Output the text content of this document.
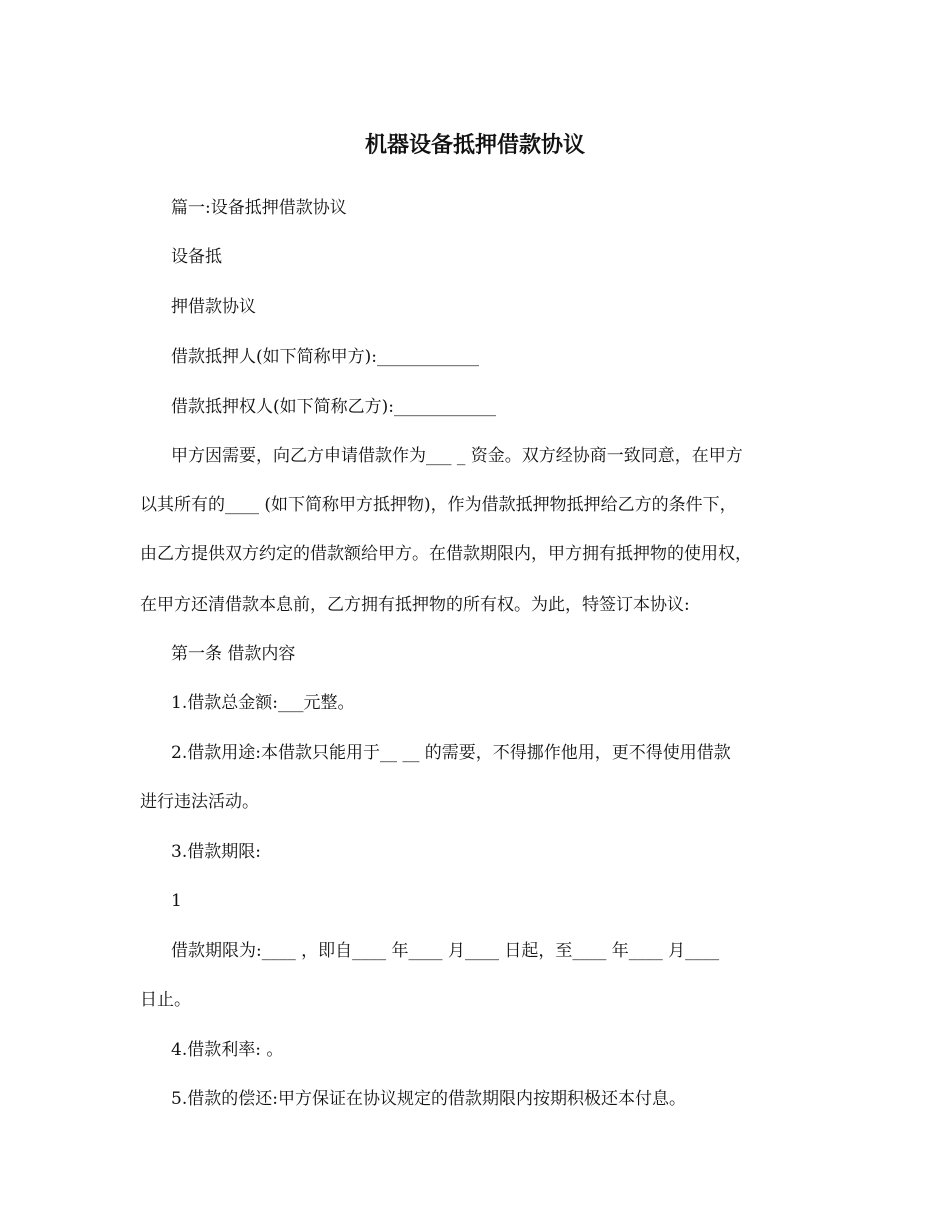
机器设备抵押借款协议
篇一:设备抵押借款协议
设备抵
押借款协议
借款抵押人(如下简称甲方):____________
借款抵押权人(如下简称乙方):____________
甲方因需要，向乙方申请借款作为___ _ 资金。双方经协商一致同意，在甲方
以其所有的____ (如下简称甲方抵押物)，作为借款抵押物抵押给乙方的条件下，
由乙方提供双方约定的借款额给甲方。在借款期限内，甲方拥有抵押物的使用权，
在甲方还清借款本息前，乙方拥有抵押物的所有权。为此，特签订本协议:
第一条 借款内容
1.借款总金额:___元整。
2.借款用途:本借款只能用于__ __ 的需要，不得挪作他用，更不得使用借款
进行违法活动。
3.借款期限:
1
借款期限为:____ ，即自____ 年____ 月____ 日起，至____ 年____ 月____
日止。
4.借款利率: 。
5.借款的偿还:甲方保证在协议规定的借款期限内按期积极还本付息。
